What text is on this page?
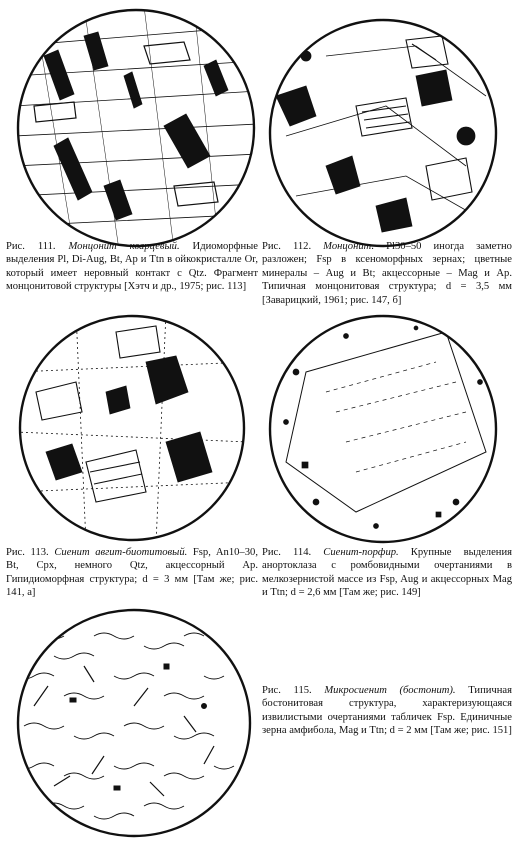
Рис. 111. Монцонит кварцевый. Идиоморфные выделения Pl, Di-Aug, Bt, Ap и Ttn в ойкокристалле Or, который имеет неровный контакт с Qtz. Фрагмент монцонитовой структуры [Хэтч и др., 1975; рис. 113]
Рис. 112. Монцонит. Pl30–50 иногда заметно разложен; Fsp в ксеноморфных зернах; цветные минералы – Aug и Bt; акцессорные – Mag и Ap. Типичная монцонитовая структура; d = 3,5 мм [Заварицкий, 1961; рис. 147, б]
Рис. 113. Сиенит авгит-биотитовый. Fsp, An10–30, Bt, Cpx, немного Qtz, акцессорный Ap. Гипидиоморфная структура; d = 3 мм [Там же; рис. 141, а]
Рис. 114. Сиенит-порфир. Крупные выделения анортоклаза с ромбовидными очертаниями в мелкозернистой массе из Fsp, Aug и акцессорных Mag и Ttn; d = 2,6 мм [Там же; рис. 149]
Рис. 115. Микросиенит (бостонит). Типичная бостонитовая структура, характеризующаяся извилистыми очертаниями табличек Fsp. Единичные зерна амфибола, Mag и Ttn; d = 2 мм [Там же; рис. 151]
